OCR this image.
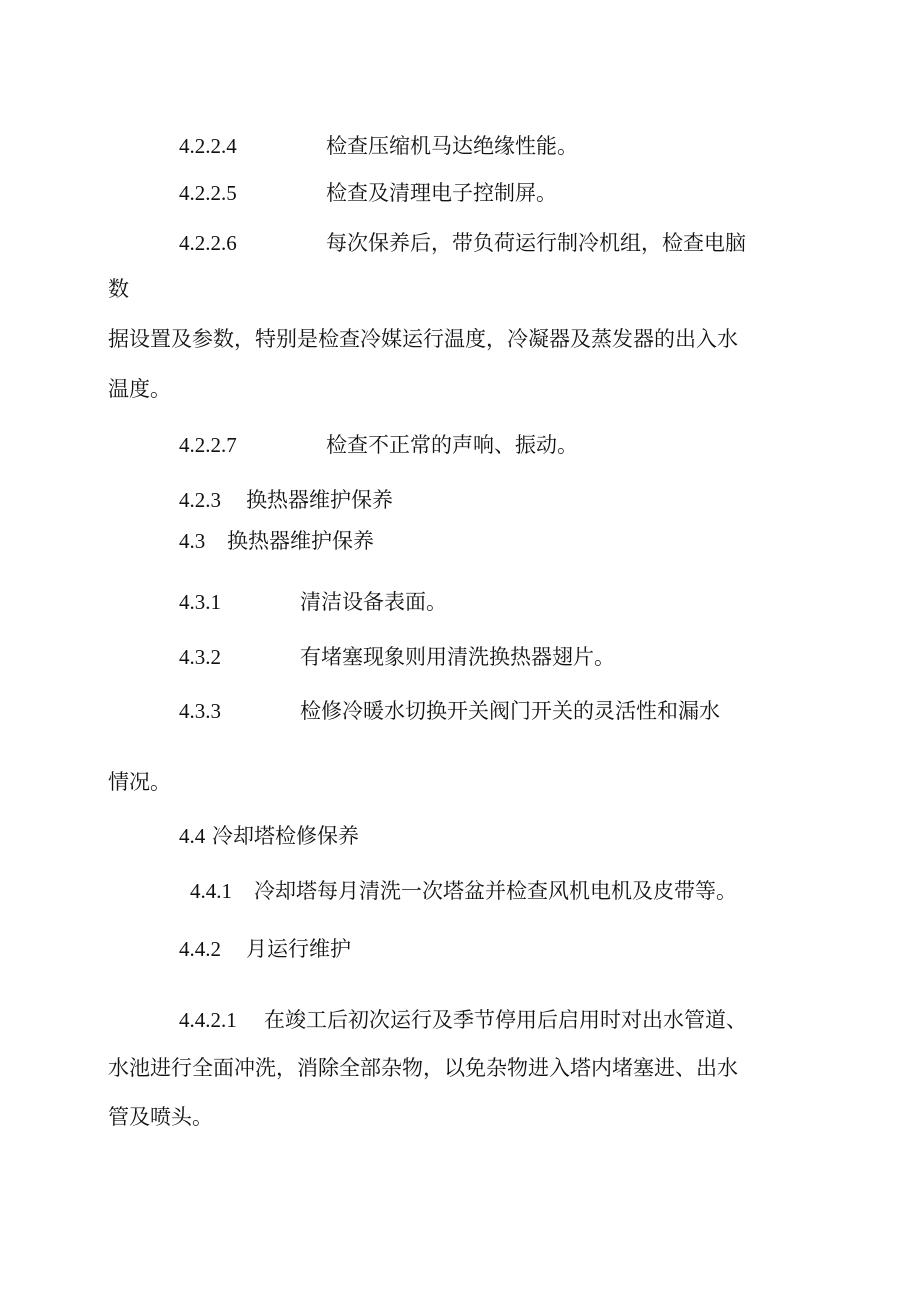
4.2.2.4	检查压缩机马达绝缘性能。
4.2.2.5	检查及清理电子控制屏。
4.2.2.6	每次保养后，带负荷运行制冷机组，检查电脑
数
据设置及参数，特别是检查冷媒运行温度，冷凝器及蒸发器的出入水
温度。
4.2.2.7	检查不正常的声响、振动。
4.2.3 换热器维护保养
4.3 换热器维护保养
4.3.1	清洁设备表面。
4.3.2	有堵塞现象则用清洗换热器翅片。
4.3.3	检修冷暖水切换开关阀门开关的灵活性和漏水
情况。
4.4 冷却塔检修保养
4.4.1 冷却塔每月清洗一次塔盆并检查风机电机及皮带等。
4.4.2 月运行维护
4.4.2.1 在竣工后初次运行及季节停用后启用时对出水管道、
水池进行全面冲洗，消除全部杂物，以免杂物进入塔内堵塞进、出水
管及喷头。
